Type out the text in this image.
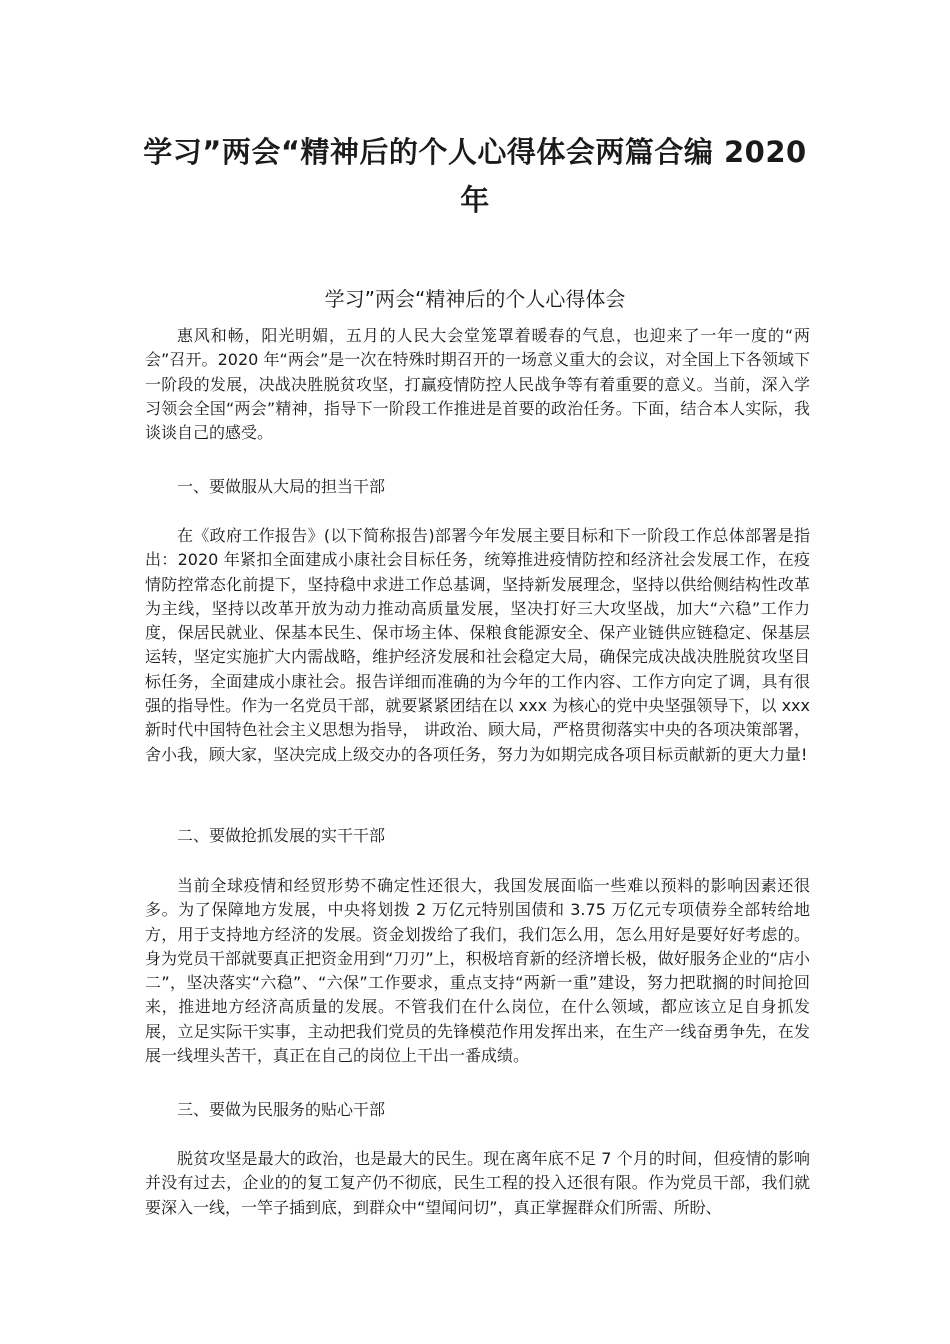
学习”两会“精神后的个人心得体会两篇合编 2020 年
学习”两会“精神后的个人心得体会

惠风和畅，阳光明媚，五月的人民大会堂笼罩着暖春的气息，也迎来了一年一度的“两会”召开。2020 年“两会”是一次在特殊时期召开的一场意义重大的会议，对全国上下各领域下一阶段的发展，决战决胜脱贫攻坚，打赢疫情防控人民战争等有着重要的意义。当前，深入学习领会全国“两会”精神，指导下一阶段工作推进是首要的政治任务。下面，结合本人实际，我谈谈自己的感受。

一、要做服从大局的担当干部

在《政府工作报告》(以下简称报告)部署今年发展主要目标和下一阶段工作总体部署是指出：2020 年紧扣全面建成小康社会目标任务，统筹推进疫情防控和经济社会发展工作，在疫情防控常态化前提下，坚持稳中求进工作总基调，坚持新发展理念，坚持以供给侧结构性改革为主线，坚持以改革开放为动力推动高质量发展，坚决打好三大攻坚战，加大“六稳”工作力度，保居民就业、保基本民生、保市场主体、保粮食能源安全、保产业链供应链稳定、保基层运转，坚定实施扩大内需战略，维护经济发展和社会稳定大局，确保完成决战决胜脱贫攻坚目标任务，全面建成小康社会。报告详细而准确的为今年的工作内容、工作方向定了调，具有很强的指导性。作为一名党员干部，就要紧紧团结在以 xxx 为核心的党中央坚强领导下，以 xxx 新时代中国特色社会主义思想为指导， 讲政治、顾大局，严格贯彻落实中央的各项决策部署，舍小我，顾大家，坚决完成上级交办的各项任务，努力为如期完成各项目标贡献新的更大力量!

二、要做抢抓发展的实干干部

当前全球疫情和经贸形势不确定性还很大，我国发展面临一些难以预料的影响因素还很多。为了保障地方发展，中央将划拨 2 万亿元特别国债和 3.75 万亿元专项债券全部转给地方，用于支持地方经济的发展。资金划拨给了我们，我们怎么用，怎么用好是要好好考虑的。身为党员干部就要真正把资金用到“刀刃”上，积极培育新的经济增长极，做好服务企业的“店小二”，坚决落实“六稳”、“六保”工作要求，重点支持“两新一重”建设，努力把耽搁的时间抢回来，推进地方经济高质量的发展。不管我们在什么岗位，在什么领域，都应该立足自身抓发展，立足实际干实事，主动把我们党员的先锋模范作用发挥出来，在生产一线奋勇争先，在发展一线埋头苦干，真正在自己的岗位上干出一番成绩。

三、要做为民服务的贴心干部

脱贫攻坚是最大的政治，也是最大的民生。现在离年底不足 7 个月的时间，但疫情的影响并没有过去，企业的的复工复产仍不彻底，民生工程的投入还很有限。作为党员干部，我们就要深入一线，一竿子插到底，到群众中“望闻问切”，真正掌握群众们所需、所盼、
